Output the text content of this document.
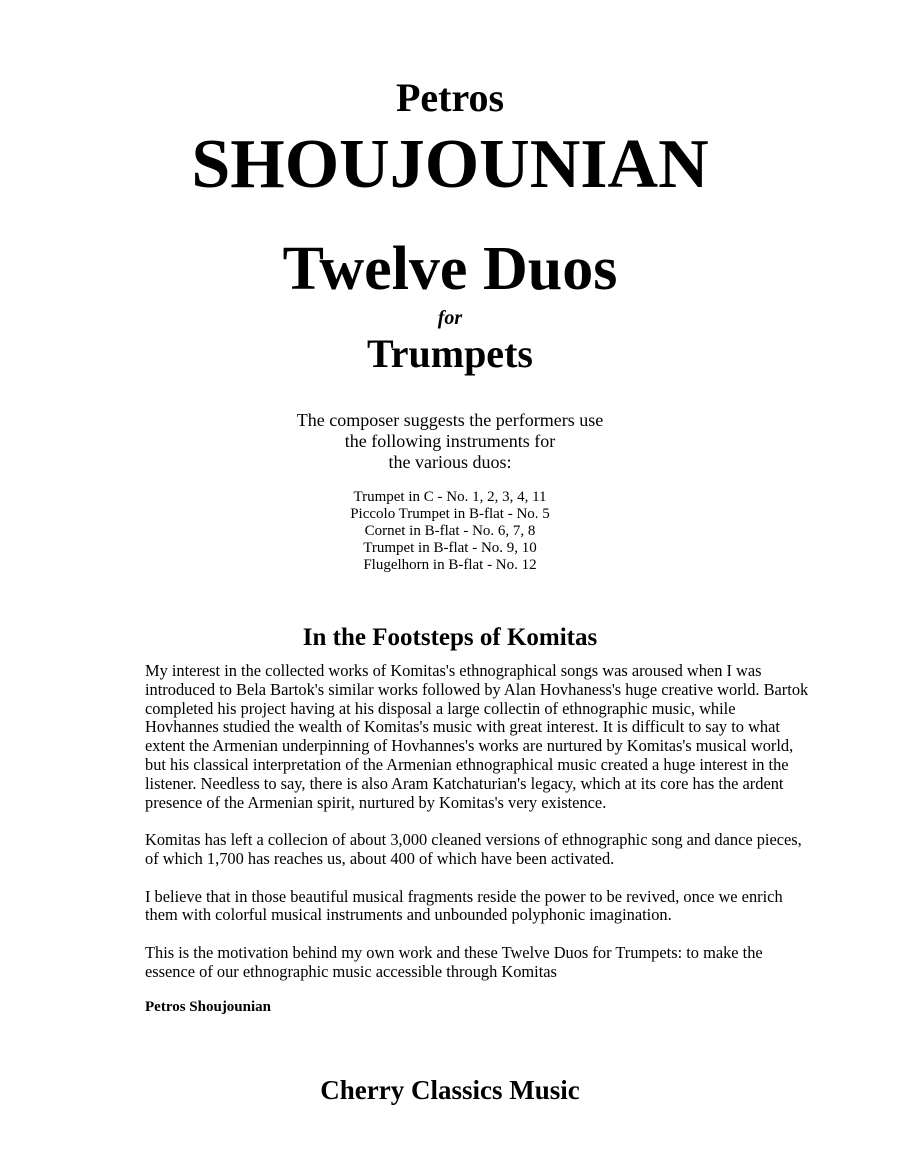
Petros
SHOUJOUNIAN
Twelve Duos
for
Trumpets
The composer suggests the performers use
the following instruments for
the various duos:
Trumpet in C - No. 1, 2, 3, 4, 11
Piccolo Trumpet in B-flat - No. 5
Cornet in B-flat - No. 6, 7, 8
Trumpet in B-flat - No. 9, 10
Flugelhorn in B-flat - No. 12
In the Footsteps of Komitas
My interest in the collected works of Komitas's ethnographical songs was aroused when I was
introduced to Bela Bartok's similar works followed by Alan Hovhaness's huge creative world. Bartok
completed his project having at his disposal a large collectin of ethnographic music, while
Hovhannes studied the wealth of Komitas's music with great interest. It is difficult to say to what
extent the Armenian underpinning of Hovhannes's works are nurtured by Komitas's musical world,
but his classical interpretation of the Armenian ethnographical music created a huge interest in the
listener. Needless to say, there is also Aram Katchaturian's legacy, which at its core has the ardent
presence of the Armenian spirit, nurtured by Komitas's very existence.
Komitas has left a collecion of about 3,000 cleaned versions of ethnographic song and dance pieces,
of which 1,700 has reaches us, about 400 of which have been activated.
I believe that in those beautiful musical fragments reside the power to be revived, once we enrich
them with colorful musical instruments and unbounded polyphonic imagination.
This is the motivation behind my own work and these Twelve Duos for Trumpets: to make the
essence of our ethnographic music accessible through Komitas
Petros Shoujounian
Cherry Classics Music
